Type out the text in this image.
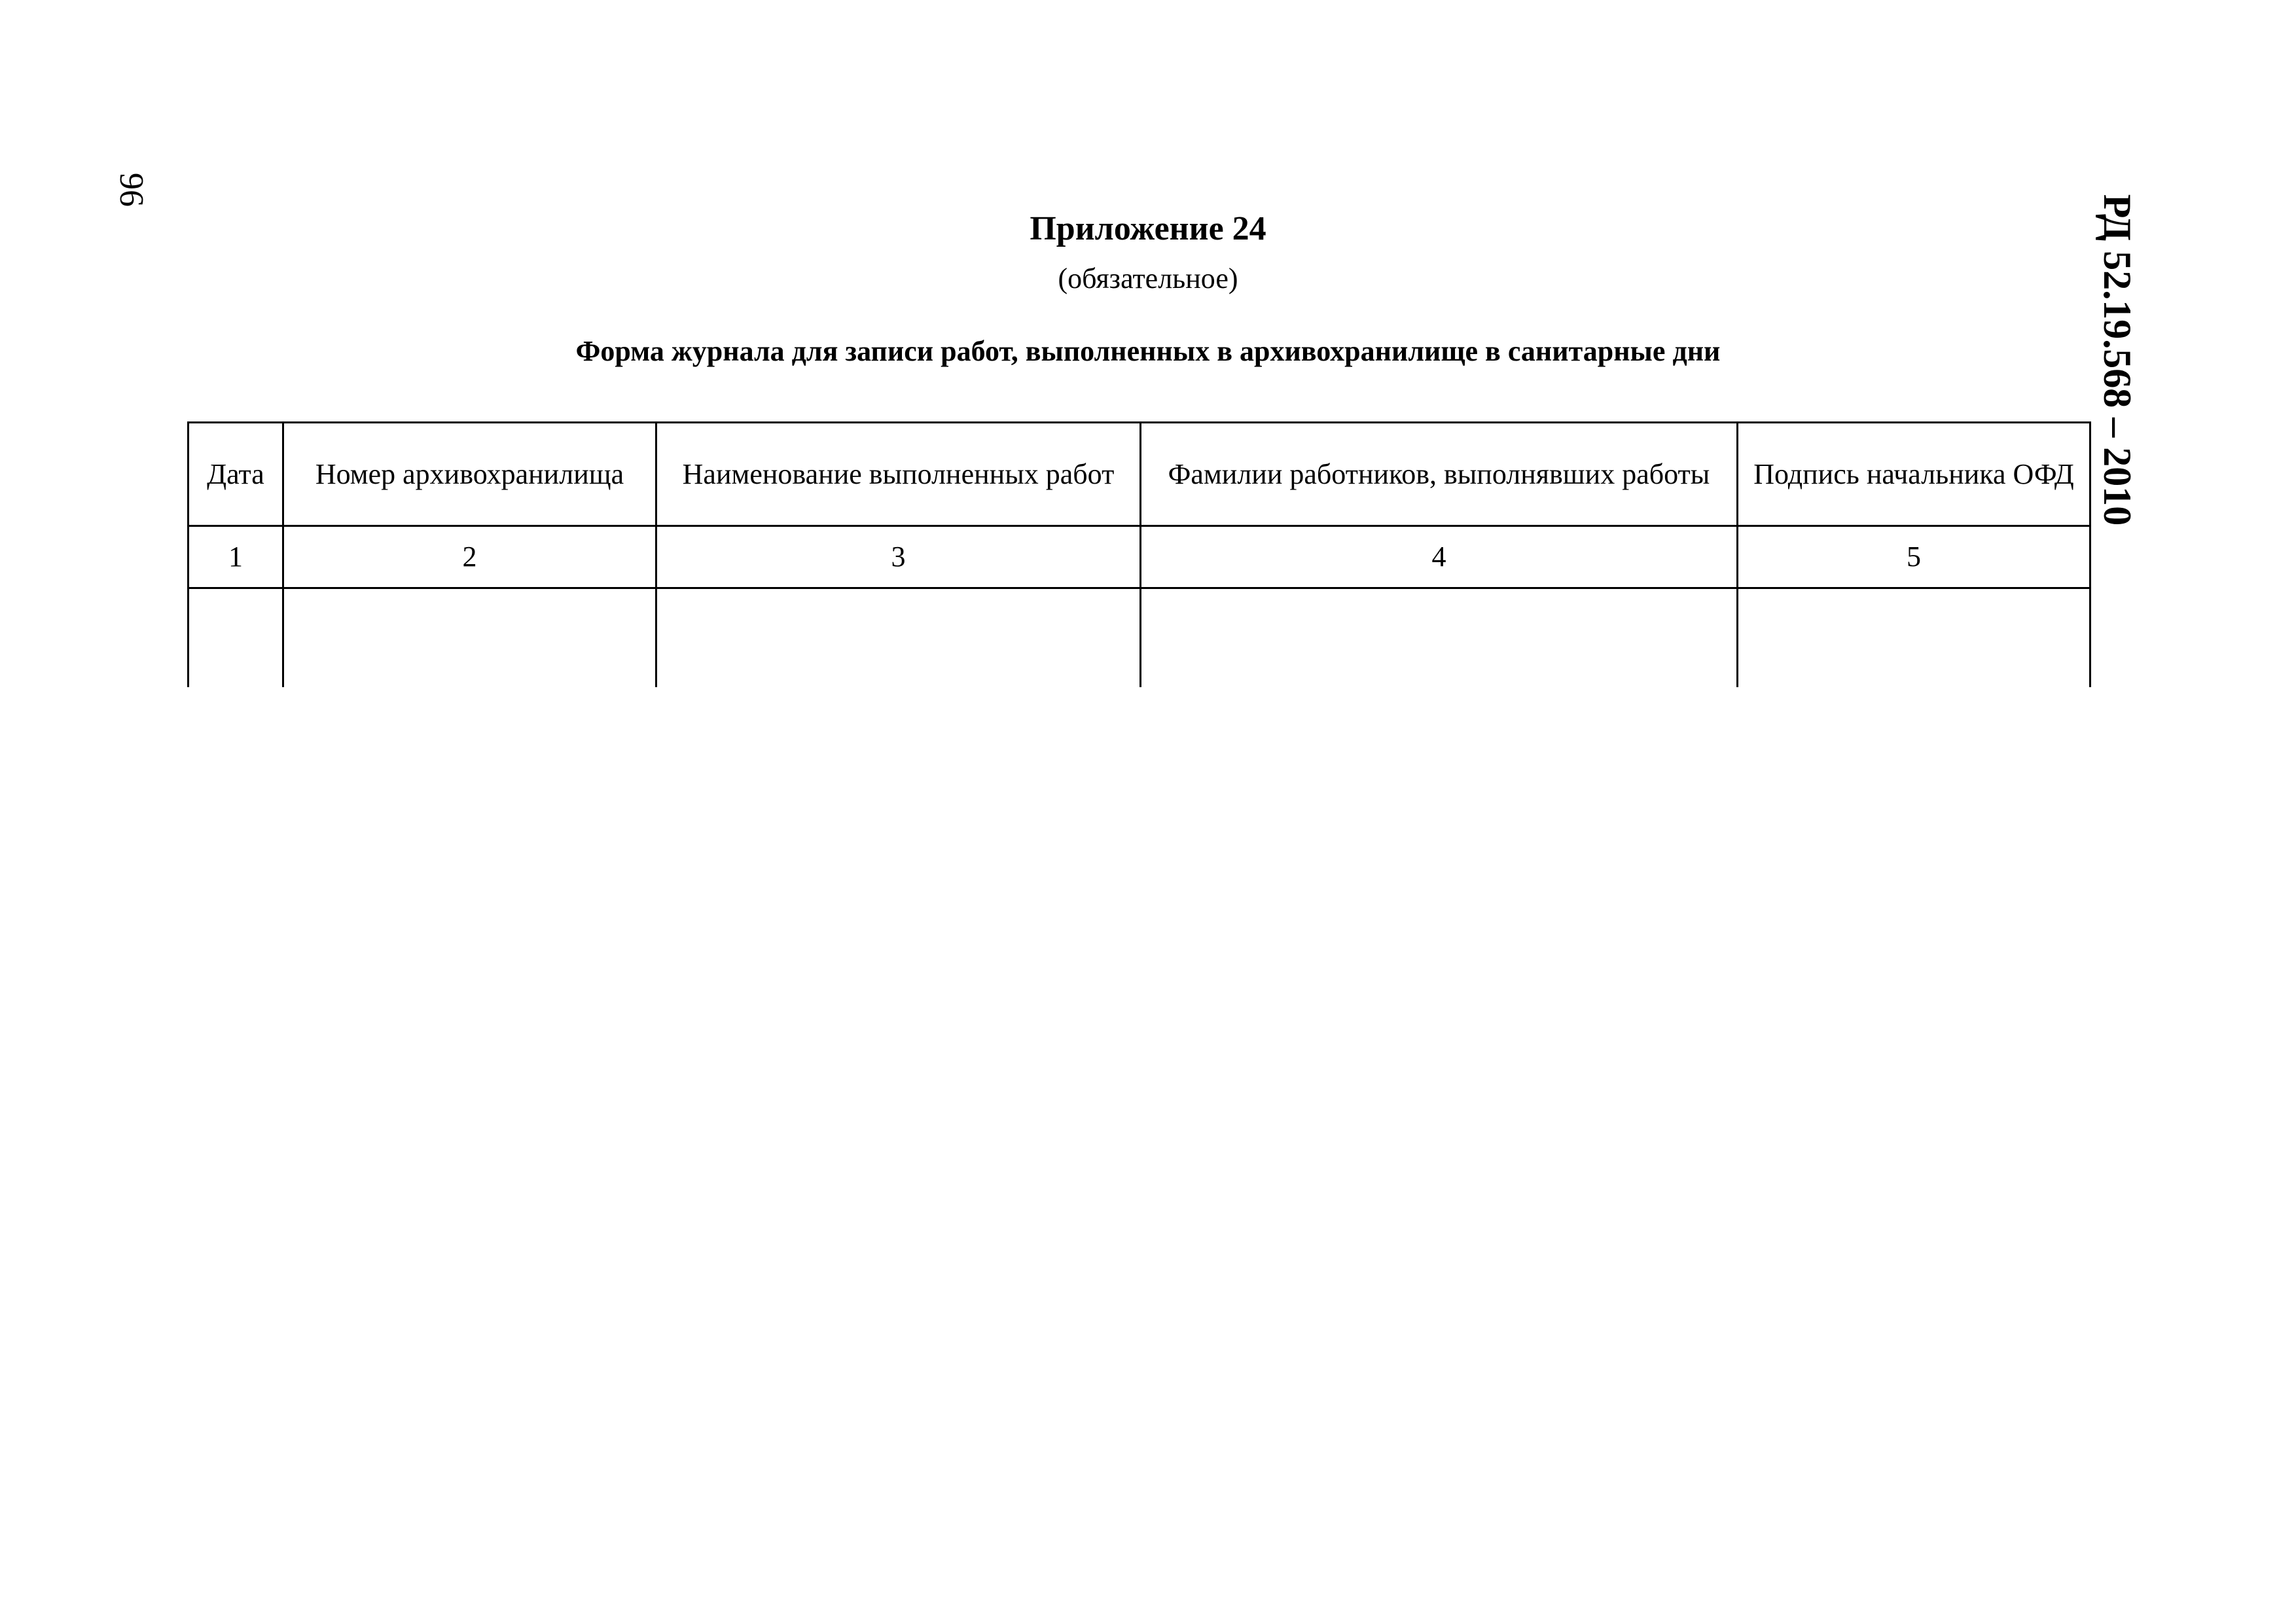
96
РД 52.19.568 – 2010
Приложение 24
(обязательное)
Форма журнала для записи работ, выполненных в архивохранилище в санитарные дни
Дата	Номер архивохранилища	Наименование выполненных работ	Фамилии работников, выполнявших работы	Подпись начальника ОФД
1	2	3	4	5
